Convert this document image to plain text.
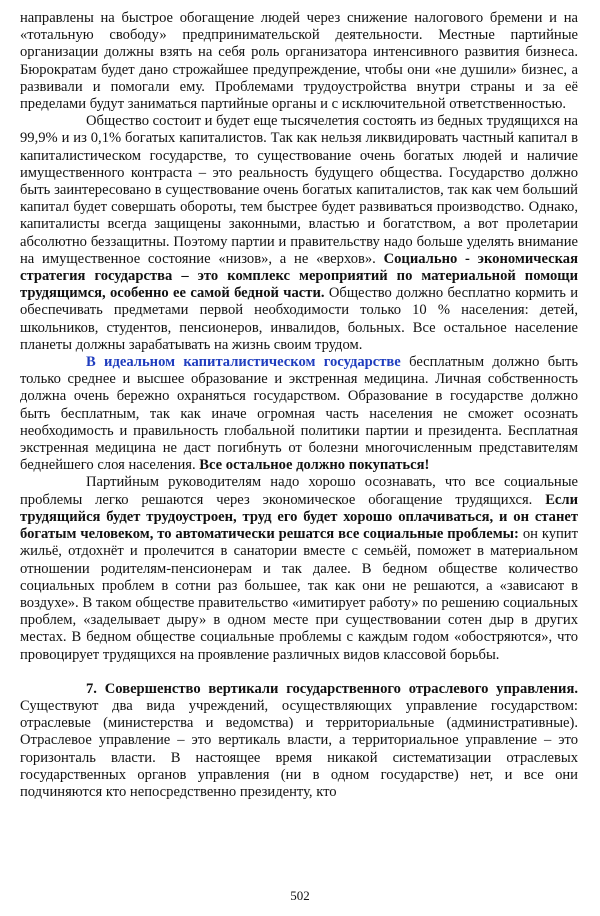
направлены на быстрое обогащение людей через снижение налогового бремени и на «тотальную свободу» предпринимательской деятельности. Местные партийные организации должны взять на себя роль организатора интенсивного развития бизнеса. Бюрократам будет дано строжайшее предупреждение, чтобы они «не душили» бизнес, а развивали и помогали ему. Проблемами трудоустройства внутри страны и за её пределами будут заниматься партийные органы и с исключительной ответственностью.

Общество состоит и будет еще тысячелетия состоять из бедных трудящихся на 99,9% и из 0,1% богатых капиталистов. Так как нельзя ликвидировать частный капитал в капиталистическом государстве, то существование очень богатых людей и наличие имущественного контраста – это реальность будущего общества. Государство должно быть заинтересовано в существование очень богатых капиталистов, так как чем больший капитал будет совершать обороты, тем быстрее будет развиваться производство. Однако, капиталисты всегда защищены законными, властью и богатством, а вот пролетарии абсолютно беззащитны. Поэтому партии и правительству надо больше уделять внимание на имущественное состояние «низов», а не «верхов». Социально - экономическая стратегия государства – это комплекс мероприятий по материальной помощи трудящимся, особенно ее самой бедной части. Общество должно бесплатно кормить и обеспечивать предметами первой необходимости только 10 % населения: детей, школьников, студентов, пенсионеров, инвалидов, больных. Все остальное население планеты должны зарабатывать на жизнь своим трудом.

В идеальном капиталистическом государстве бесплатным должно быть только среднее и высшее образование и экстренная медицина. Личная собственность должна очень бережно охраняться государством. Образование в государстве должно быть бесплатным, так как иначе огромная часть населения не сможет осознать необходимость и правильность глобальной политики партии и президента. Бесплатная экстренная медицина не даст погибнуть от болезни многочисленным представителям беднейшего слоя населения. Все остальное должно покупаться!

Партийным руководителям надо хорошо осознавать, что все социальные проблемы легко решаются через экономическое обогащение трудящихся. Если трудящийся будет трудоустроен, труд его будет хорошо оплачиваться, и он станет богатым человеком, то автоматически решатся все социальные проблемы: он купит жильё, отдохнёт и пролечится в санатории вместе с семьёй, поможет в материальном отношении родителям-пенсионерам и так далее. В бедном обществе количество социальных проблем в сотни раз большее, так как они не решаются, а «зависают в воздухе». В таком обществе правительство «имитирует работу» по решению социальных проблем, «заделывает дыру» в одном месте при существовании сотен дыр в других местах. В бедном обществе социальные проблемы с каждым годом «обостряются», что провоцирует трудящихся на проявление различных видов классовой борьбы.

7. Совершенство вертикали государственного отраслевого управления. Существуют два вида учреждений, осуществляющих управление государством: отраслевые (министерства и ведомства) и территориальные (административные). Отраслевое управление – это вертикаль власти, а территориальное управление – это горизонталь власти. В настоящее время никакой систематизации отраслевых государственных органов управления (ни в одном государстве) нет, и все они подчиняются кто непосредственно президенту, кто

502
